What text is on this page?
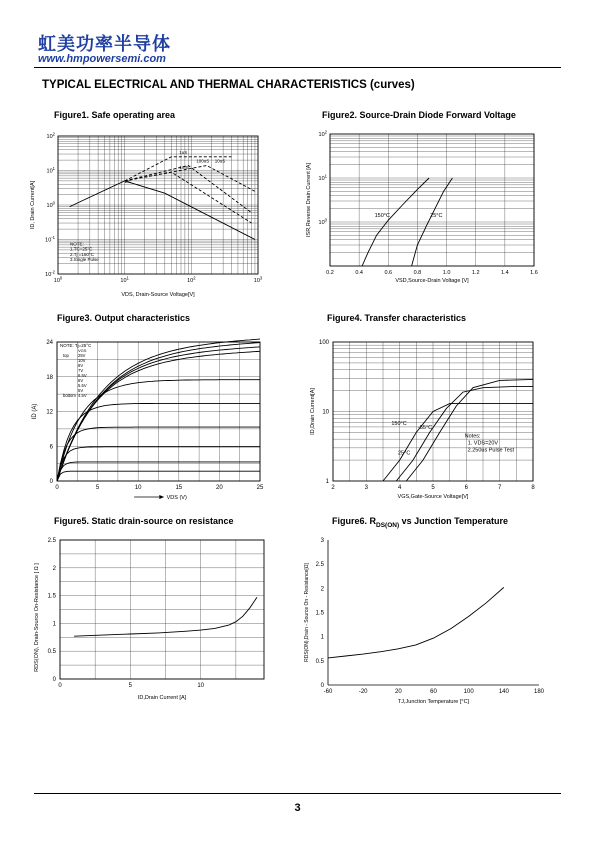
虹美功率半导体
www.hmpowersemi.com
TYPICAL ELECTRICAL AND THERMAL CHARACTERISTICS (curves)
Figure1. Safe operating area	Figure2. Source-Drain Diode Forward Voltage
Figure3. Output characteristics	Figure4. Transfer characteristics
Figure5. Static drain-source on resistance	Figure6. $R_{DS(ON)}$ vs Junction Temperature
$10^0$	$10^1$	$10^2$	$10^3$
$10^{-2}$
$10^{-1}$
$10^0$
$10^1$
$10^2$
VDS, Drain-Source Voltage[V]
ID, Drain Current[A]	DC
1mS
100uS 10uS
1uS
NOTE:
1.TC=25°C
2.Tj =150°C
3.Single Pulse
0.2	0.4	0.6	0.8	1.0	1.2	1.4	1.6
$10^0$
$10^1$
$10^2$
VSD,Source-Drain Voltage [V]
ISR,Reverse Drain Current [A]	150°C	25°C
0	5	10	15	20	25
0
6
12
18
24
VDS (V)
ID (A)
NOTE: Tj=25°C
VGS
top 25V
10V
8V
7V
6.5V
6V
5.5V
5V
bottom 4.5V
2	3	4	5	6	7	8
1
10
100
VGS,Gate-Source Voltage[V]
ID,Drain Current[A]	150°C
25°C
-55°C
Notes:
1. VDS=20V
2.250us Pulse Test
0	5	10
0
0.5
1
1.5
2
2.5
ID,Drain Current [A]
RDS(ON), Drain-Source On-Resistance [ Ω ]
-60	-20	20	60	100	140	180
0
0.5
1
1.5
2
2.5
3
TJ,Junction Temperature [°C]
RDS(ON),Drain - Source On - Resistance[Ω]
3
